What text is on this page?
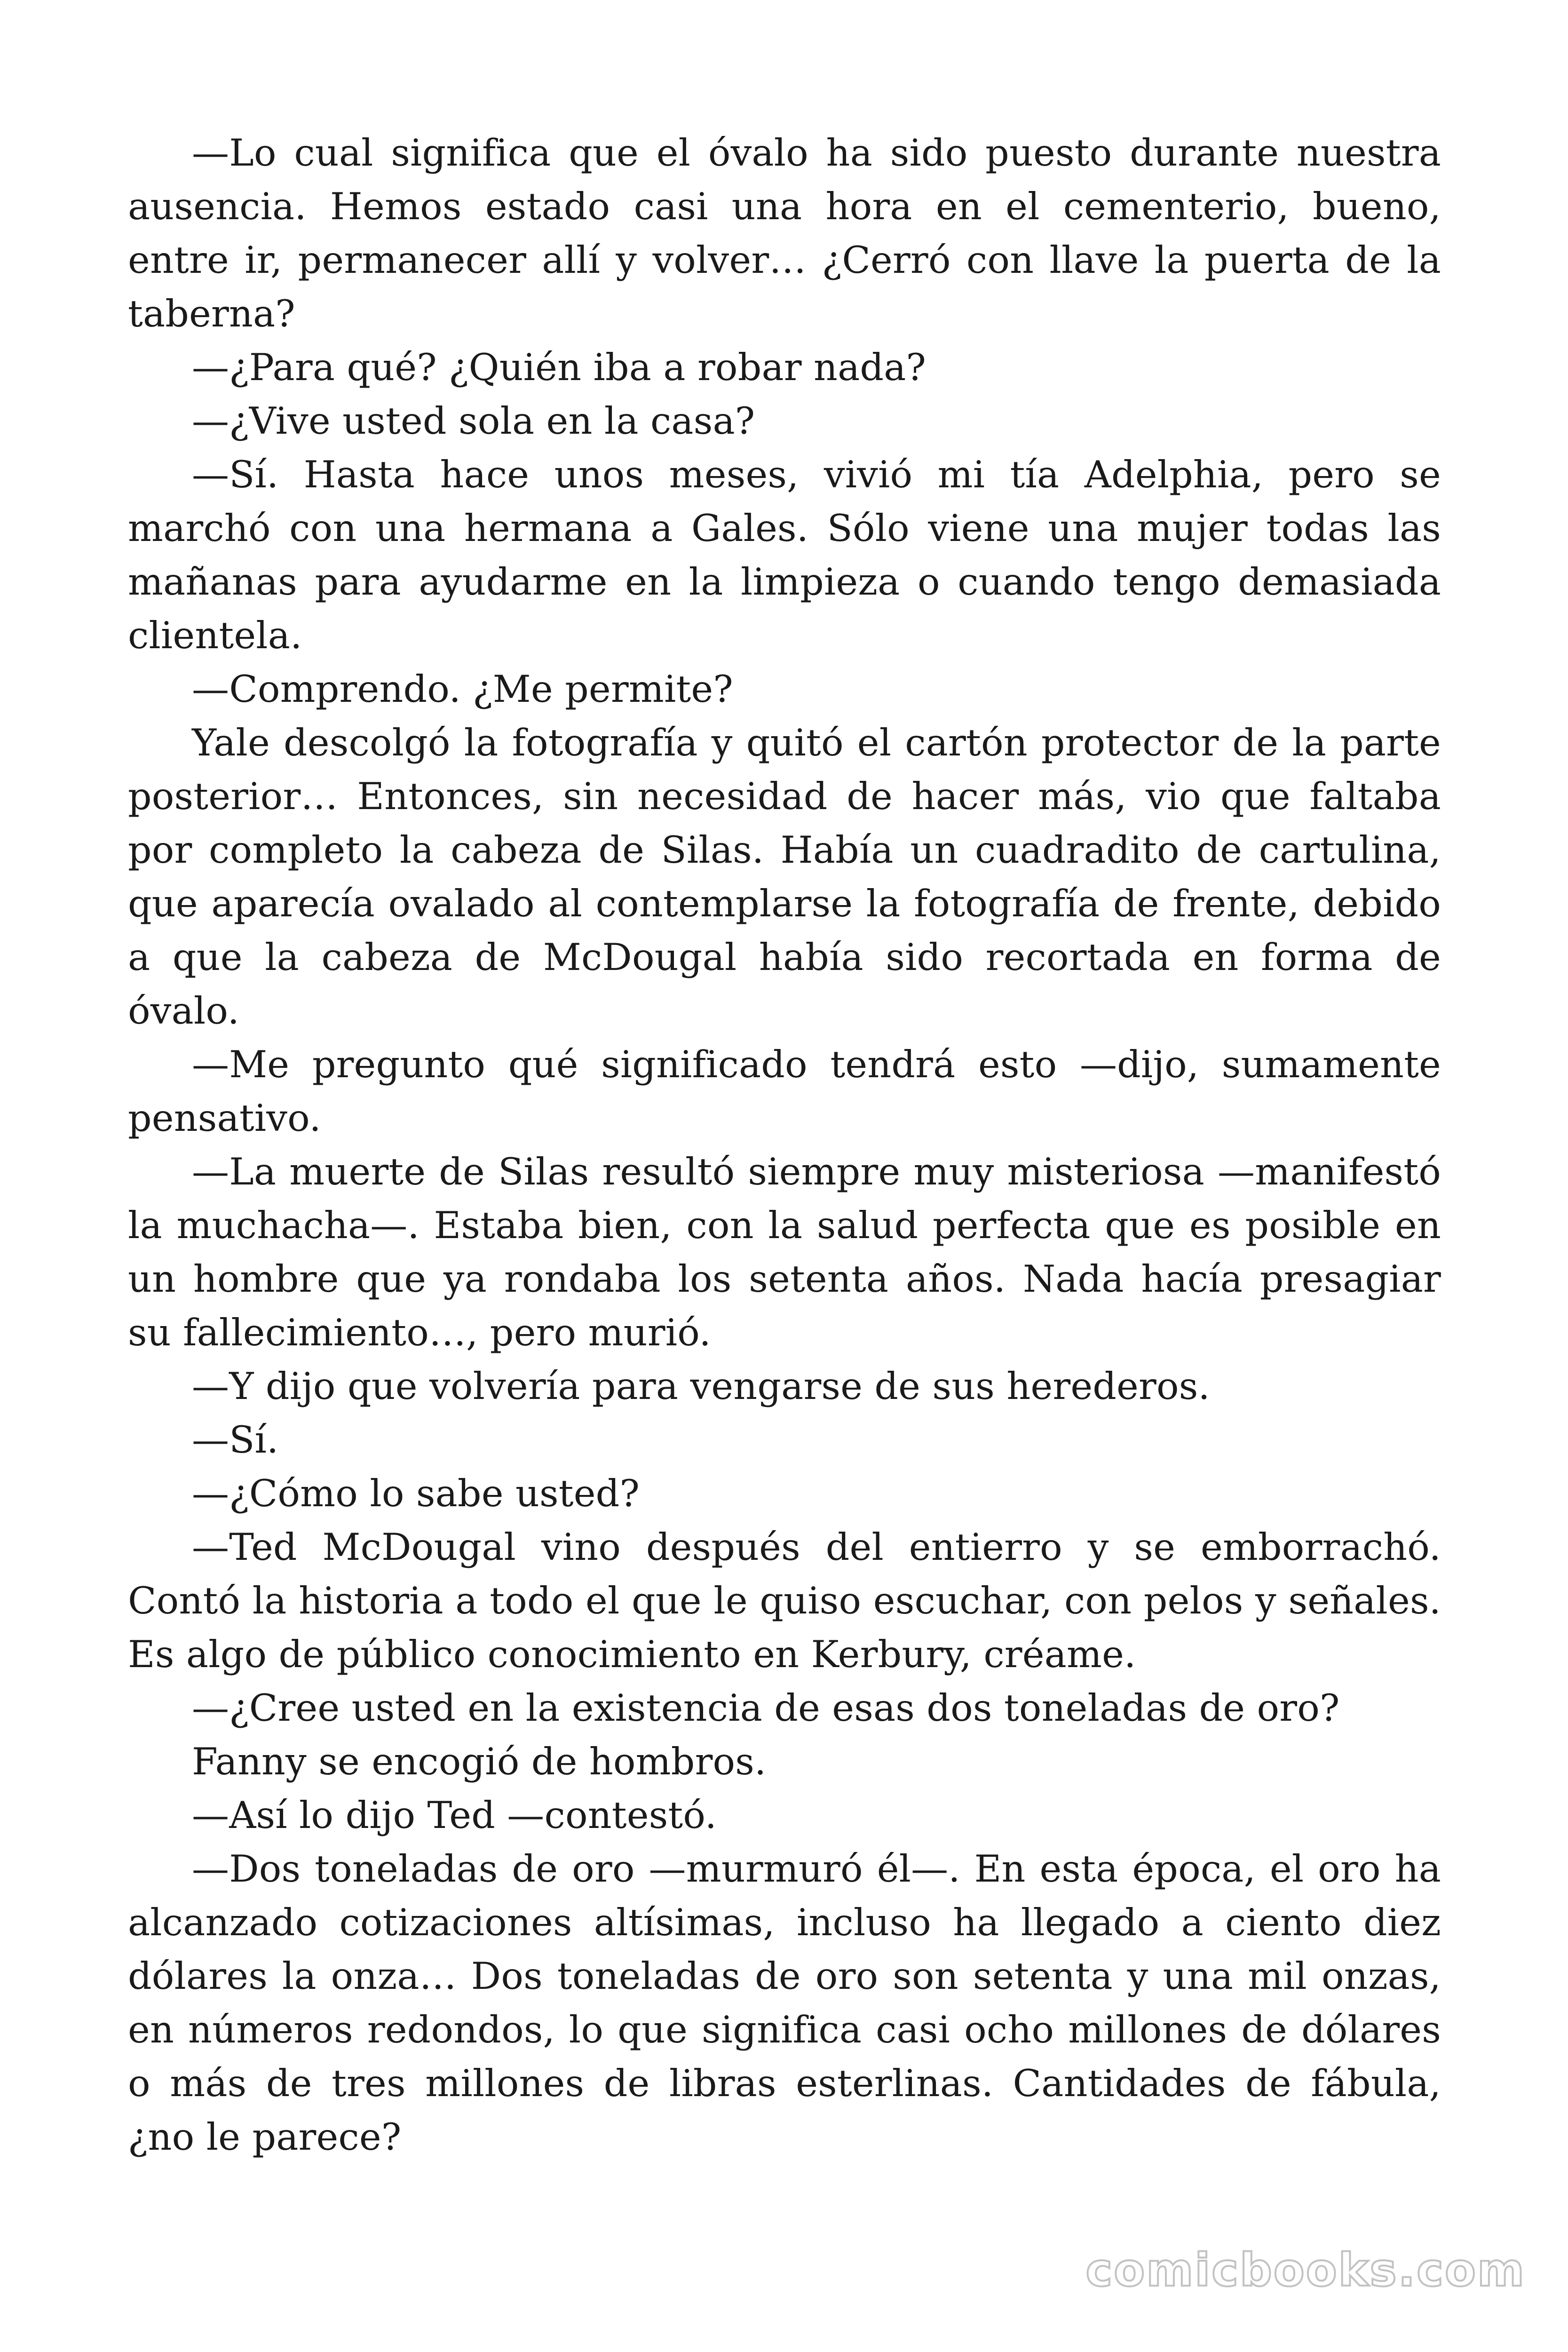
—Lo cual significa que el óvalo ha sido puesto durante nuestra ausencia. Hemos estado casi una hora en el cementerio, bueno, entre ir, permanecer allí y volver… ¿Cerró con llave la puerta de la taberna?

—¿Para qué? ¿Quién iba a robar nada?

—¿Vive usted sola en la casa?

—Sí. Hasta hace unos meses, vivió mi tía Adelphia, pero se marchó con una hermana a Gales. Sólo viene una mujer todas las mañanas para ayudarme en la limpieza o cuando tengo demasiada clientela.

—Comprendo. ¿Me permite?

Yale descolgó la fotografía y quitó el cartón protector de la parte posterior… Entonces, sin necesidad de hacer más, vio que faltaba por completo la cabeza de Silas. Había un cuadradito de cartulina, que aparecía ovalado al contemplarse la fotografía de frente, debido a que la cabeza de McDougal había sido recortada en forma de óvalo.

—Me pregunto qué significado tendrá esto —dijo, sumamente pensativo.

—La muerte de Silas resultó siempre muy misteriosa —manifestó la muchacha—. Estaba bien, con la salud perfecta que es posible en un hombre que ya rondaba los setenta años. Nada hacía presagiar su fallecimiento…, pero murió.

—Y dijo que volvería para vengarse de sus herederos.

—Sí.

—¿Cómo lo sabe usted?

—Ted McDougal vino después del entierro y se emborrachó. Contó la historia a todo el que le quiso escuchar, con pelos y señales. Es algo de público conocimiento en Kerbury, créame.

—¿Cree usted en la existencia de esas dos toneladas de oro?

Fanny se encogió de hombros.

—Así lo dijo Ted —contestó.

—Dos toneladas de oro —murmuró él—. En esta época, el oro ha alcanzado cotizaciones altísimas, incluso ha llegado a ciento diez dólares la onza… Dos toneladas de oro son setenta y una mil onzas, en números redondos, lo que significa casi ocho millones de dólares o más de tres millones de libras esterlinas. Cantidades de fábula, ¿no le parece?

comicbooks.com
